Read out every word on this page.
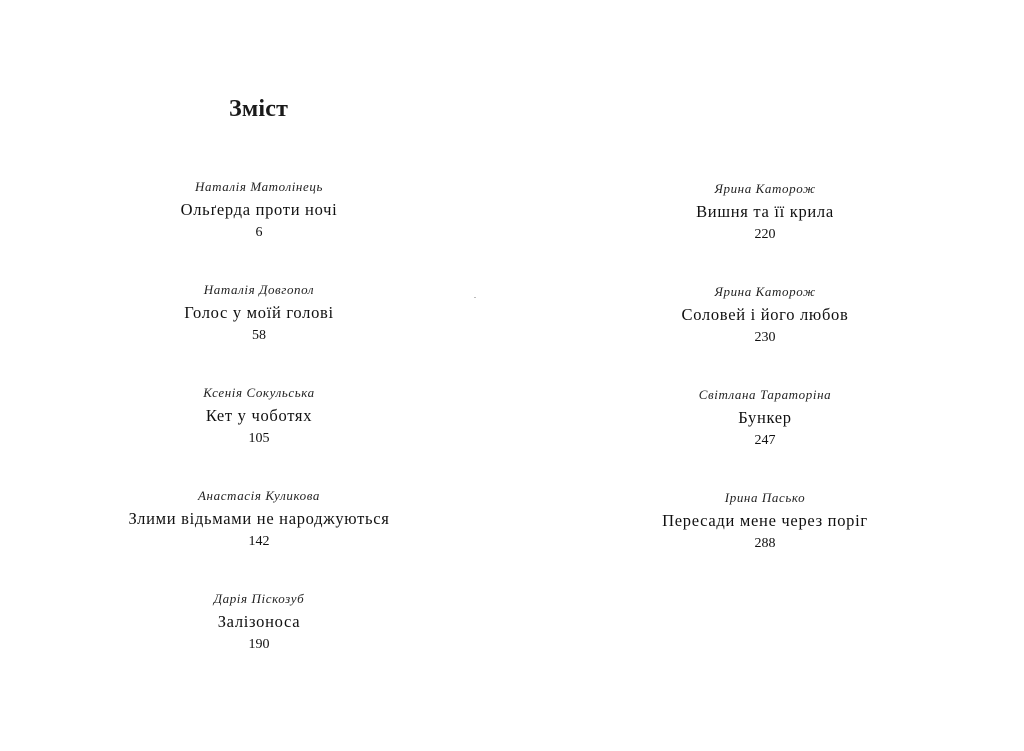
Зміст
Наталія Матолінець
Ольґерда проти ночі
6
Наталія Довгопол
Голос у моїй голові
58
Ксенія Сокульська
Кет у чоботях
105
Анастасія Куликова
Злими відьмами не народжуються
142
Дарія Піскозуб
Залізоноса
190
Ярина Каторож
Вишня та її крила
220
Ярина Каторож
Соловей і його любов
230
Світлана Тараторіна
Бункер
247
Ірина Пасько
Пересади мене через поріг
288
